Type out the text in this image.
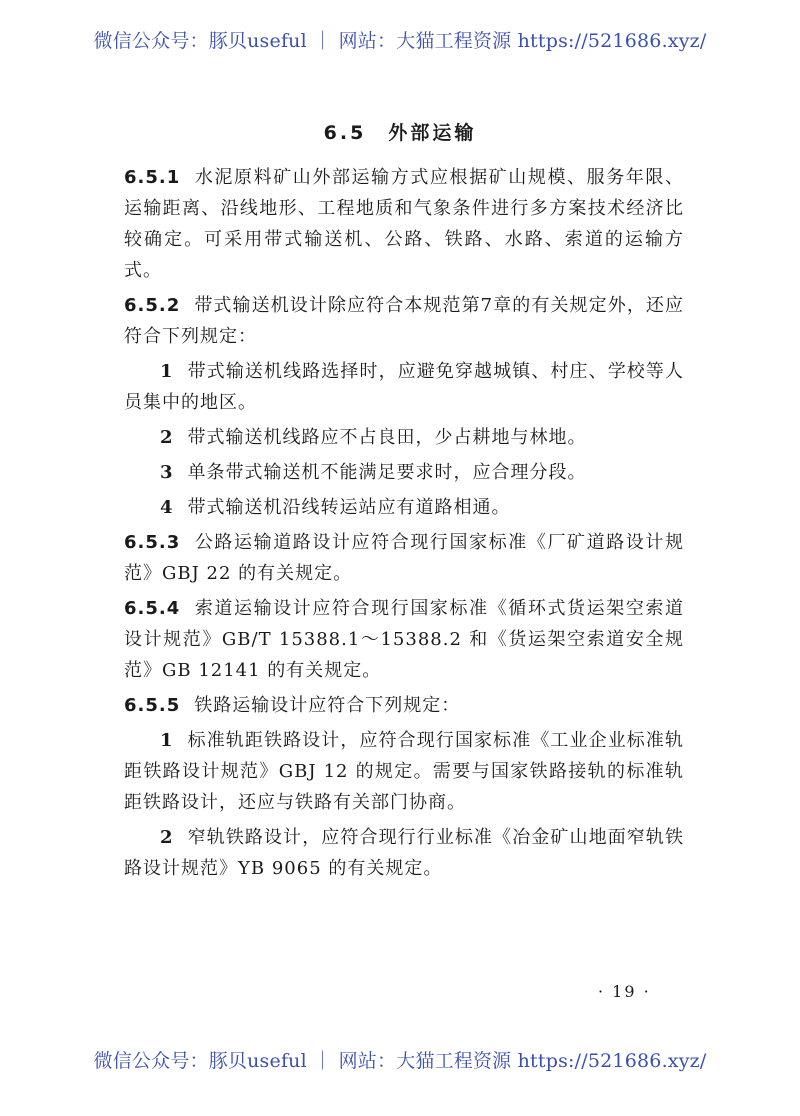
微信公众号：豚贝useful ｜ 网站：大猫工程资源 https://521686.xyz/
6.5 外部运输

6.5.1 水泥原料矿山外部运输方式应根据矿山规模、服务年限、运输距离、沿线地形、工程地质和气象条件进行多方案技术经济比较确定。可采用带式输送机、公路、铁路、水路、索道的运输方式。

6.5.2 带式输送机设计除应符合本规范第7章的有关规定外，还应符合下列规定：

1 带式输送机线路选择时，应避免穿越城镇、村庄、学校等人员集中的地区。

2 带式输送机线路应不占良田，少占耕地与林地。

3 单条带式输送机不能满足要求时，应合理分段。

4 带式输送机沿线转运站应有道路相通。

6.5.3 公路运输道路设计应符合现行国家标准《厂矿道路设计规范》GBJ 22 的有关规定。

6.5.4 索道运输设计应符合现行国家标准《循环式货运架空索道设计规范》GB/T 15388.1～15388.2 和《货运架空索道安全规范》GB 12141 的有关规定。

6.5.5 铁路运输设计应符合下列规定：

1 标准轨距铁路设计，应符合现行国家标准《工业企业标准轨距铁路设计规范》GBJ 12 的规定。需要与国家铁路接轨的标准轨距铁路设计，还应与铁路有关部门协商。

2 窄轨铁路设计，应符合现行行业标准《冶金矿山地面窄轨铁路设计规范》YB 9065 的有关规定。

· 19 ·
微信公众号：豚贝useful ｜ 网站：大猫工程资源 https://521686.xyz/
